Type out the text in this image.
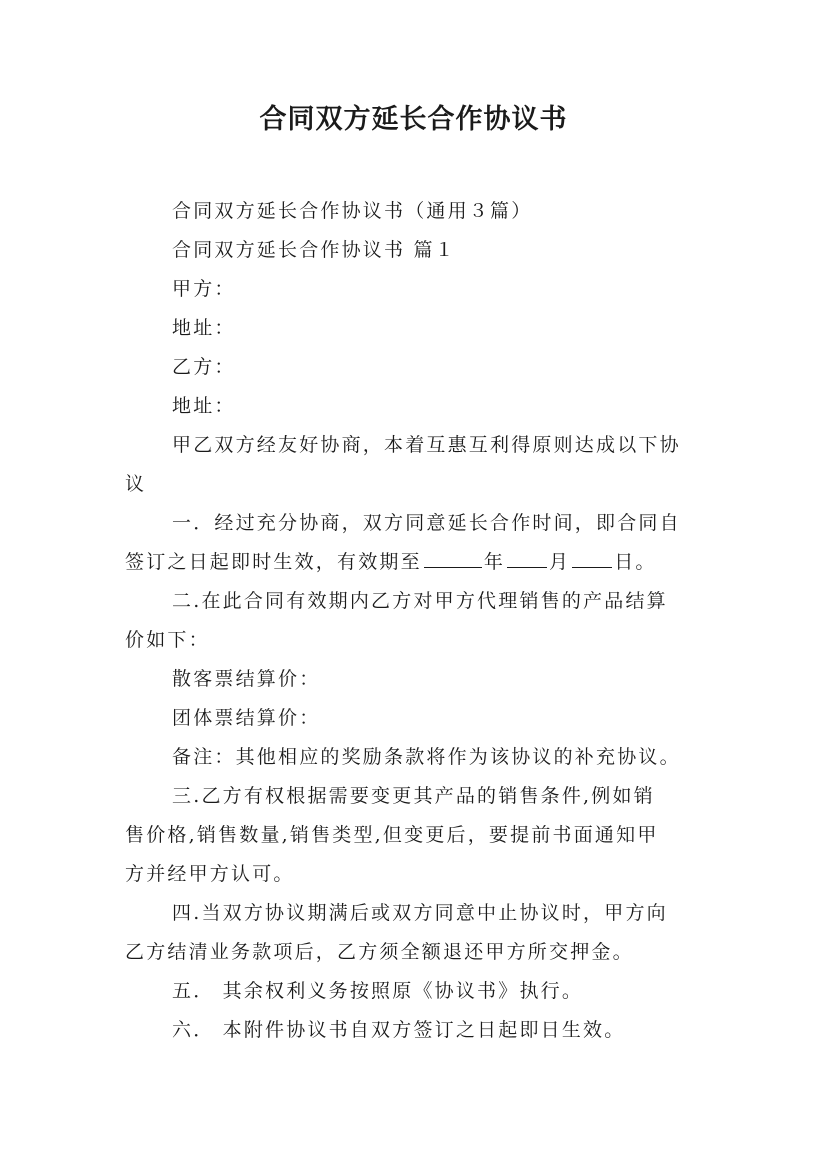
合同双方延长合作协议书
合同双方延长合作协议书（通用３篇）
合同双方延长合作协议书 篇１
甲方：
地址：
乙方：
地址：
甲乙双方经友好协商，本着互惠互利得原则达成以下协
议
一．经过充分协商，双方同意延长合作时间，即合同自
签订之日起即时生效，有效期至	年 月 日。
二.在此合同有效期内乙方对甲方代理销售的产品结算
价如下：
散客票结算价：
团体票结算价：
备注：其他相应的奖励条款将作为该协议的补充协议。
三.乙方有权根据需要变更其产品的销售条件,例如销
售价格,销售数量,销售类型,但变更后，要提前书面通知甲
方并经甲方认可。
四.当双方协议期满后或双方同意中止协议时，甲方向
乙方结清业务款项后，乙方须全额退还甲方所交押金。
五． 其余权利义务按照原《协议书》执行。
六． 本附件协议书自双方签订之日起即日生效。
